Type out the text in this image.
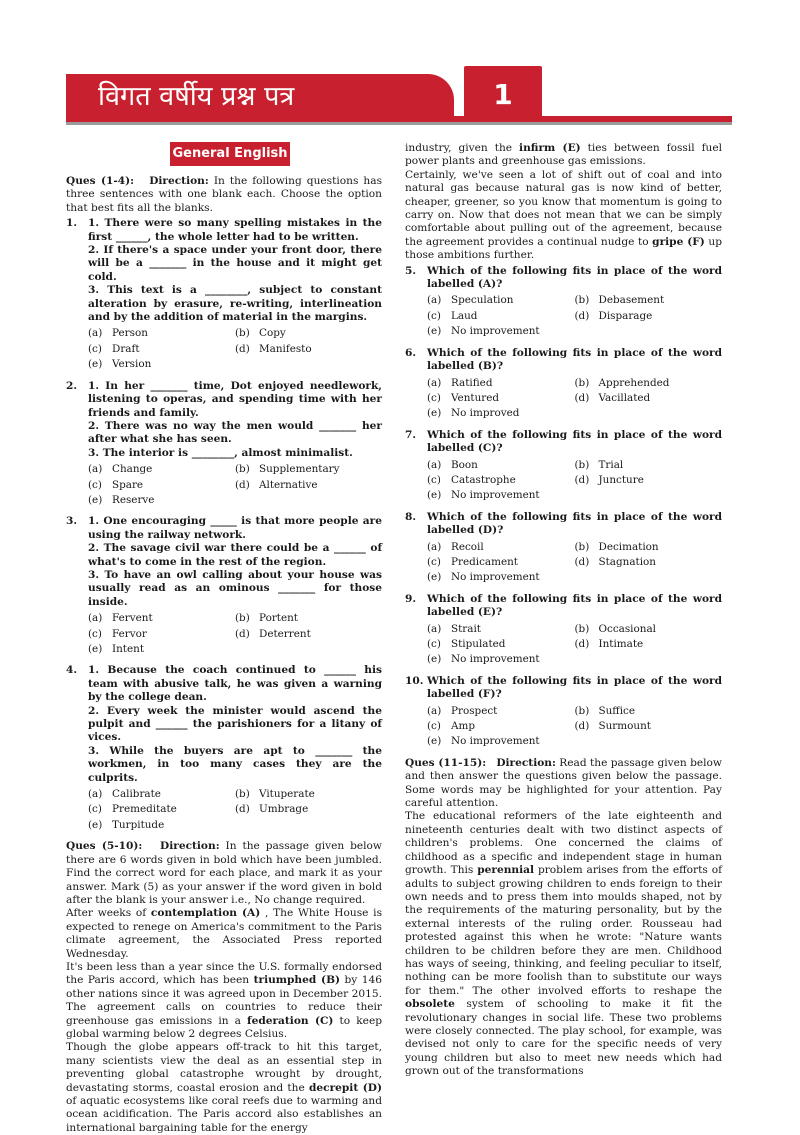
विगत वर्षीय प्रश्न पत्र	1
General English

Ques (1-4): Direction: In the following questions has three sentences with one blank each. Choose the option that best fits all the blanks.

1.	1. There were so many spelling mistakes in the first ______, the whole letter had to be written.
2. If there's a space under your front door, there will be a _______ in the house and it might get cold.
3. This text is a ________, subject to constant alteration by erasure, re-writing, interlineation and by the addition of material in the margins.
(a) Person	(b) Copy
(c) Draft	(d) Manifesto
(e) Version
2.	1. In her _______ time, Dot enjoyed needlework, listening to operas, and spending time with her friends and family.
2. There was no way the men would _______ her after what she has seen.
3. The interior is ________, almost minimalist.
(a) Change	(b) Supplementary
(c) Spare	(d) Alternative
(e) Reserve
3.	1. One encouraging _____ is that more people are using the railway network.
2. The savage civil war there could be a ______ of what's to come in the rest of the region.
3. To have an owl calling about your house was usually read as an ominous _______ for those inside.
(a) Fervent	(b) Portent
(c) Fervor	(d) Deterrent
(e) Intent
4.	1. Because the coach continued to ______ his team with abusive talk, he was given a warning by the college dean.
2. Every week the minister would ascend the pulpit and ______ the parishioners for a litany of vices.
3. While the buyers are apt to _______ the workmen, in too many cases they are the culprits.
(a) Calibrate	(b) Vituperate
(c) Premeditate	(d) Umbrage
(e) Turpitude

Ques (5-10): Direction: In the passage given below there are 6 words given in bold which have been jumbled. Find the correct word for each place, and mark it as your answer. Mark (5) as your answer if the word given in bold after the blank is your answer i.e., No change required.

After weeks of contemplation (A) , The White House is expected to renege on America's commitment to the Paris climate agreement, the Associated Press reported Wednesday.

It's been less than a year since the U.S. formally endorsed the Paris accord, which has been triumphed (B) by 146 other nations since it was agreed upon in December 2015. The agreement calls on countries to reduce their greenhouse gas emissions in a federation (C) to keep global warming below 2 degrees Celsius.

Though the globe appears off-track to hit this target, many scientists view the deal as an essential step in preventing global catastrophe wrought by drought, devastating storms, coastal erosion and the decrepit (D) of aquatic ecosystems like coral reefs due to warming and ocean acidification. The Paris accord also establishes an international bargaining table for the energy

industry, given the infirm (E) ties between fossil fuel power plants and greenhouse gas emissions.

Certainly, we've seen a lot of shift out of coal and into natural gas because natural gas is now kind of better, cheaper, greener, so you know that momentum is going to carry on. Now that does not mean that we can be simply comfortable about pulling out of the agreement, because the agreement provides a continual nudge to gripe (F) up those ambitions further.

5.	Which of the following fits in place of the word labelled (A)?
(a) Speculation	(b) Debasement
(c) Laud	(d) Disparage
(e) No improvement
6.	Which of the following fits in place of the word labelled (B)?
(a) Ratified	(b) Apprehended
(c) Ventured	(d) Vacillated
(e) No improved
7.	Which of the following fits in place of the word labelled (C)?
(a) Boon	(b) Trial
(c) Catastrophe	(d) Juncture
(e) No improvement
8.	Which of the following fits in place of the word labelled (D)?
(a) Recoil	(b) Decimation
(c) Predicament	(d) Stagnation
(e) No improvement
9.	Which of the following fits in place of the word labelled (E)?
(a) Strait	(b) Occasional
(c) Stipulated	(d) Intimate
(e) No improvement
10. Which of the following fits in place of the word labelled (F)?
(a) Prospect	(b) Suffice
(c) Amp	(d) Surmount
(e) No improvement

Ques (11-15): Direction: Read the passage given below and then answer the questions given below the passage. Some words may be highlighted for your attention. Pay careful attention.

The educational reformers of the late eighteenth and nineteenth centuries dealt with two distinct aspects of children's problems. One concerned the claims of childhood as a specific and independent stage in human growth. This perennial problem arises from the efforts of adults to subject growing children to ends foreign to their own needs and to press them into moulds shaped, not by the requirements of the maturing personality, but by the external interests of the ruling order. Rousseau had protested against this when he wrote: "Nature wants children to be children before they are men. Childhood has ways of seeing, thinking, and feeling peculiar to itself, nothing can be more foolish than to substitute our ways for them." The other involved efforts to reshape the obsolete system of schooling to make it fit the revolutionary changes in social life. These two problems were closely connected. The play school, for example, was devised not only to care for the specific needs of very young children but also to meet new needs which had grown out of the transformations
